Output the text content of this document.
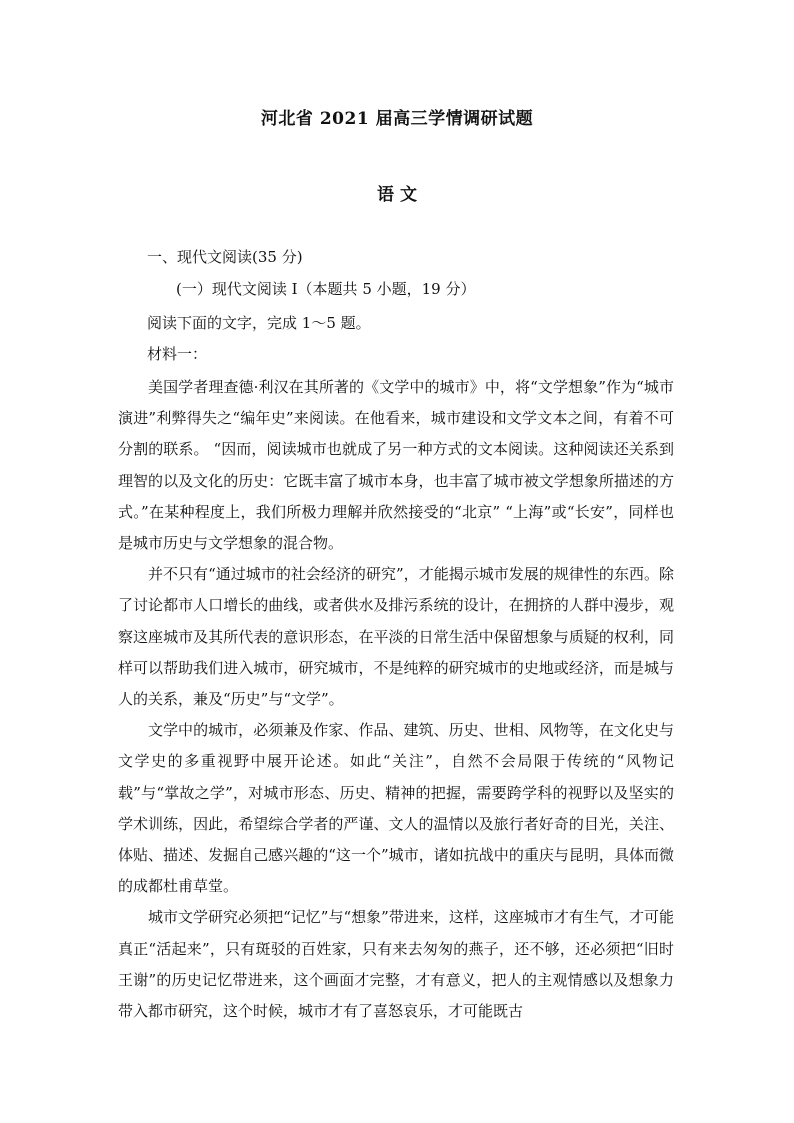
河北省 2021 届高三学情调研试题
语 文
一、现代文阅读(35 分)
(一）现代文阅读 I（本题共 5 小题，19 分）
阅读下面的文字，完成 1～5 题。
材料一：

美国学者理查德·利汉在其所著的《文学中的城市》中，将“文学想象”作为“城市演进”利弊得失之“编年史”来阅读。在他看来，城市建设和文学文本之间，有着不可分割的联系。 “因而，阅读城市也就成了另一种方式的文本阅读。这种阅读还关系到理智的以及文化的历史：它既丰富了城市本身，也丰富了城市被文学想象所描述的方式。”在某种程度上，我们所极力理解并欣然接受的“北京” “上海”或“长安”，同样也是城市历史与文学想象的混合物。

并不只有“通过城市的社会经济的研究”，才能揭示城市发展的规律性的东西。除了讨论都市人口增长的曲线，或者供水及排污系统的设计，在拥挤的人群中漫步，观察这座城市及其所代表的意识形态，在平淡的日常生活中保留想象与质疑的权利，同样可以帮助我们进入城市，研究城市，不是纯粹的研究城市的史地或经济，而是城与人的关系，兼及“历史”与“文学”。

文学中的城市，必须兼及作家、作品、建筑、历史、世相、风物等，在文化史与文学史的多重视野中展开论述。如此“关注”，自然不会局限于传统的“风物记载”与“掌故之学”，对城市形态、历史、精神的把握，需要跨学科的视野以及坚实的学术训练，因此，希望综合学者的严谨、文人的温情以及旅行者好奇的目光，关注、体贴、描述、发掘自己感兴趣的“这一个”城市，诸如抗战中的重庆与昆明，具体而微的成都杜甫草堂。

城市文学研究必须把“记忆”与“想象”带进来，这样，这座城市才有生气，才可能真正“活起来”，只有斑驳的百姓家，只有来去匆匆的燕子，还不够，还必须把“旧时王谢”的历史记忆带进来，这个画面才完整，才有意义，把人的主观情感以及想象力带入都市研究，这个时候，城市才有了喜怒哀乐，才可能既古
